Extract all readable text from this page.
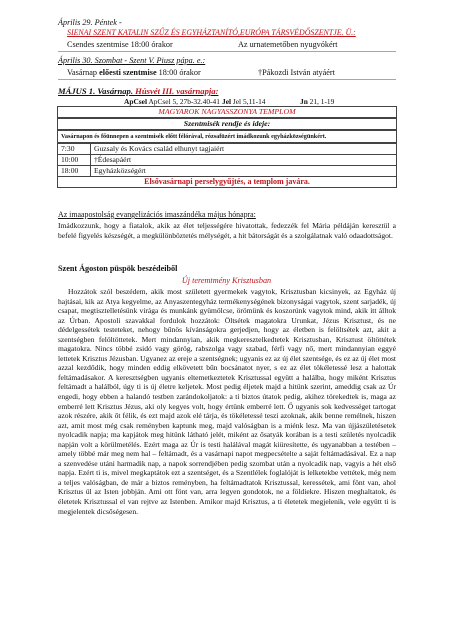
Április 29. Péntek -
SIENAI SZENT KATALIN SZŰZ ÉS EGYHÁZTANÍTÓ,EURÓPA TÁRSVÉDŐSZENTJE. Ü.:
Csendes szentmise 18:00 órakor	Az urnatemetőben nyugvókért
Április 30. Szombat - Szent V. Piusz pápa. e.:
Vasárnap előesti szentmise 18:00 órakor	†Pákozdi István atyáért
MÁJUS 1. Vasárnap. Húsvét III. vasárnapja:
ApCsel ApCsel 5, 27b-32.40-41 Jel Jel 5,11-14	Jn 21, 1-19
MAGYAROK NAGYASSZONYA TEMPLOM
Szentmisék rendje és ideje:
Vasárnapon és főünnepen a szentmisék előtt félórával, rózsafüzért imádkozunk egyházközségünkért.
7:30	Guzsaly és Kovács család elhunyt tagjaiért
10:00	†Édesapáért
18:00	Egyházközségért
Elsővasárnapi perselygyűjtés, a templom javára.	
Az imaapostolság evangelizációs imaszándéka május hónapra:

Imádkozzunk, hogy a fiatalok, akik az élet teljességére hivatottak, fedezzék fel Mária példáján keresztül a befelé figyelés készségét, a megkülönböztetés mélységét, a hit bátorságát és a szolgálatnak való odaadottságot.

Szent Ágoston püspök beszédeiből
Új teremtmény Krisztusban

Hozzátok szól beszédem, akik most született gyermekek vagytok, Krisztusban kicsinyek, az Egyház új hajtásai, kik az Atya kegyelme, az Anyaszentegyház termékenységének bizonyságai vagytok, szent sarjadék, új csapat, megtisztelletésünk virága és munkánk gyümölcse, örömünk és koszorúnk vagytok mind, akik itt álltok az Úrban. Apostoli szavakkal fordulok hozzátok: Öltsétek magatokra Urunkat, Jézus Krisztust, és ne dédelgessétek testeteket, nehogy bűnös kívánságokra gerjedjen, hogy az életben is felöltsétek azt, akit a szentségben felöltöttetek. Mert mindannyian, akik megkeresztelkedtetek Krisztusban, Krisztust öltöttétek magatokra. Nincs többé zsidó vagy görög, rabszolga vagy szabad, férfi vagy nő, mert mindannyian eggyé lettetek Krisztus Jézusban. Ugyanez az ereje a szentségnek; ugyanis ez az új élet szentsége, és ez az új élet most azzal kezdődik, hogy minden eddig elkövetett bűn bocsánatot nyer, s ez az élet tökéletessé lesz a halottak feltámadásakor. A keresztségben ugyanis eltemetkeztetek Krisztussal együtt a halálba, hogy miként Krisztus feltámadt a halálból, úgy ti is új életre keljetek. Most pedig éljetek majd a hitünk szerint, ameddig csak az Úr engedi, hogy ebben a halandó testben zarándokoljatok: a ti biztos útatok pedig, akihez törekedtek is, maga az emberré lett Krisztus Jézus, aki oly kegyes volt, hogy értünk emberré lett. Ő ugyanis sok kedvességet tartogat azok részére, akik őt félik, és ezt majd azok elé tárja, és tökéletessé teszi azoknak, akik benne remélnek, hiszen azt, amit most még csak reményben kaptunk meg, majd valóságban is a miénk lesz. Ma van újjászületésetek nyolcadik napja; ma kapjátok meg hitünk látható jelét, miként az ősatyák korában is a testi születés nyolcadik napján volt a körülmetélés. Ezért maga az Úr is testi halálával magát kiüresítette, és ugyanabban a testében – amely többé már meg nem hal – feltámadt, és a vasárnapi napot megpecsételte a saját feltámadásával. Ez a nap a szenvedése utáni harmadik nap, a napok sorrendjében pedig szombat után a nyolcadik nap, vagyis a hét első napja. Ezért ti is, mivel megkaptátok ezt a szentséget, és a Szentlélek foglalóját is lelketekbe vettétek, még nem a teljes valóságban, de már a biztos reményben, ha feltámadtatok Krisztussal, keressétek, ami fönt van, ahol Krisztus ül az Isten jobbján. Ami ott fönt van, arra legyen gondotok, ne a földiekre. Hiszen meghaltatok, és életetek Krisztussal el van rejtve az Istenben. Amikor majd Krisztus, a ti életetek megjelenik, vele együtt ti is megjelentek dicsőségesen.
